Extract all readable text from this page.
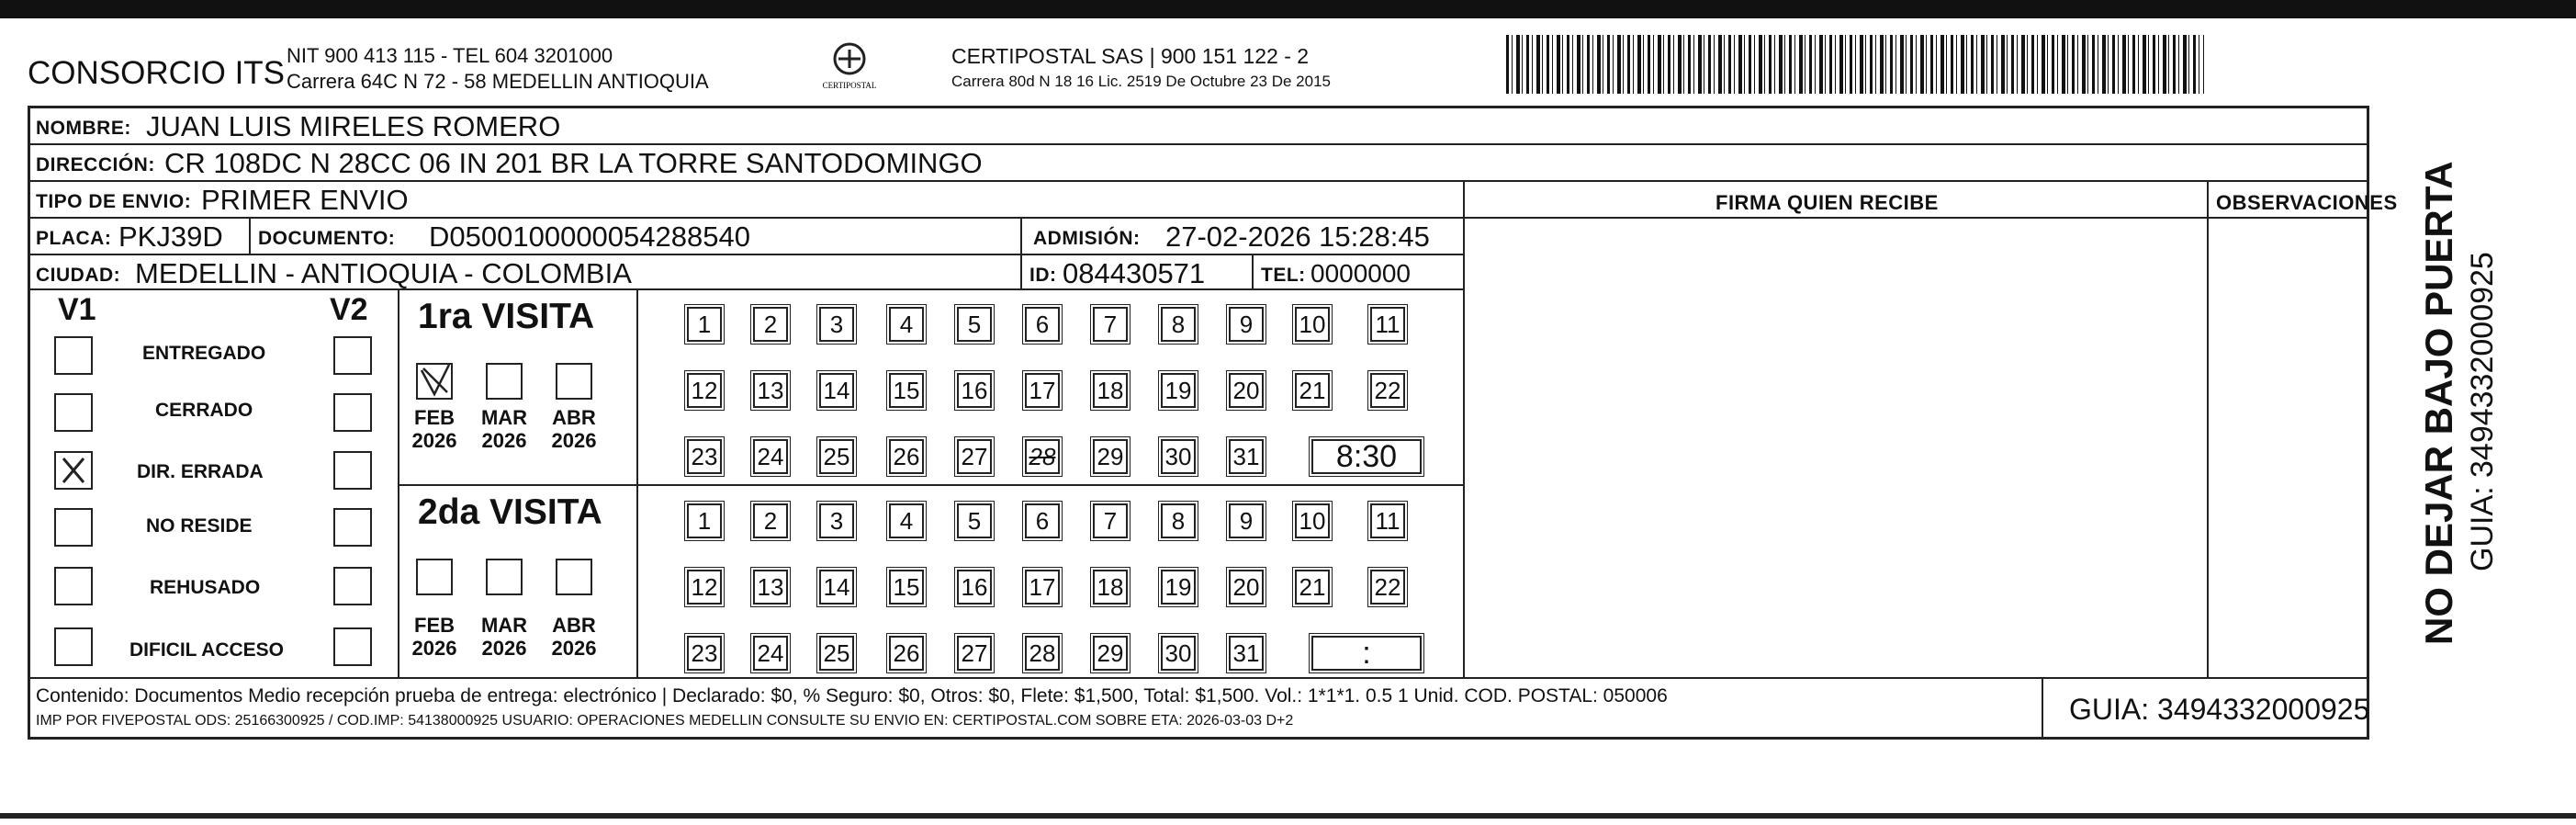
CONSORCIO ITS NIT 900 413 115 - TEL 604 3201000
Carrera 64C N 72 - 58 MEDELLIN ANTIOQUIA	CERTIPOSTAL
CERTIPOSTAL SAS | 900 151 122 - 2
Carrera 80d N 18 16 Lic. 2519 De Octubre 23 De 2015
NOMBRE: JUAN LUIS MIRELES ROMERO
DIRECCIÓN: CR 108DC N 28CC 06 IN 201 BR LA TORRE SANTODOMINGO
TIPO DE ENVIO: PRIMER ENVIO	FIRMA QUIEN RECIBE	OBSERVACIONES
PLACA: PKJ39D DOCUMENTO: D0500100000054288540	ADMISIÓN: 27-02-2026 15:28:45
CIUDAD: MEDELLIN - ANTIOQUIA - COLOMBIA	ID: 084430571	TEL: 0000000
V1	V2
ENTREGADO
CERRADO
DIR. ERRADA
NO RESIDE
REHUSADO
DIFICIL ACCESO
1ra VISITA
FEB
2026
MAR
2026
ABR
2026
1	2	3	4	5	6	7	8	9	10 11
12 13 14 15 16 17 18 19 20 21 22
23 24 25 26 27 28 29 30 31	8:30
2da VISITA
FEB
2026
MAR
2026
ABR
2026
1	2	3	4	5	6	7	8	9	10 11
12 13 14 15 16 17 18 19 20 21 22
23 24 25 26 27 28 29 30 31	:
Contenido: Documentos Medio recepción prueba de entrega: electrónico | Declarado: $0, % Seguro: $0, Otros: $0, Flete: $1,500, Total: $1,500. Vol.: 1*1*1. 0.5 1 Unid. COD. POSTAL: 050006
IMP POR FIVEPOSTAL ODS: 25166300925 / COD.IMP: 54138000925 USUARIO: OPERACIONES MEDELLIN CONSULTE SU ENVIO EN: CERTIPOSTAL.COM SOBRE ETA: 2026-03-03 D+2	GUIA: 3494332000925
NO DEJAR BAJO PUERTA GUIA: 3494332000925
